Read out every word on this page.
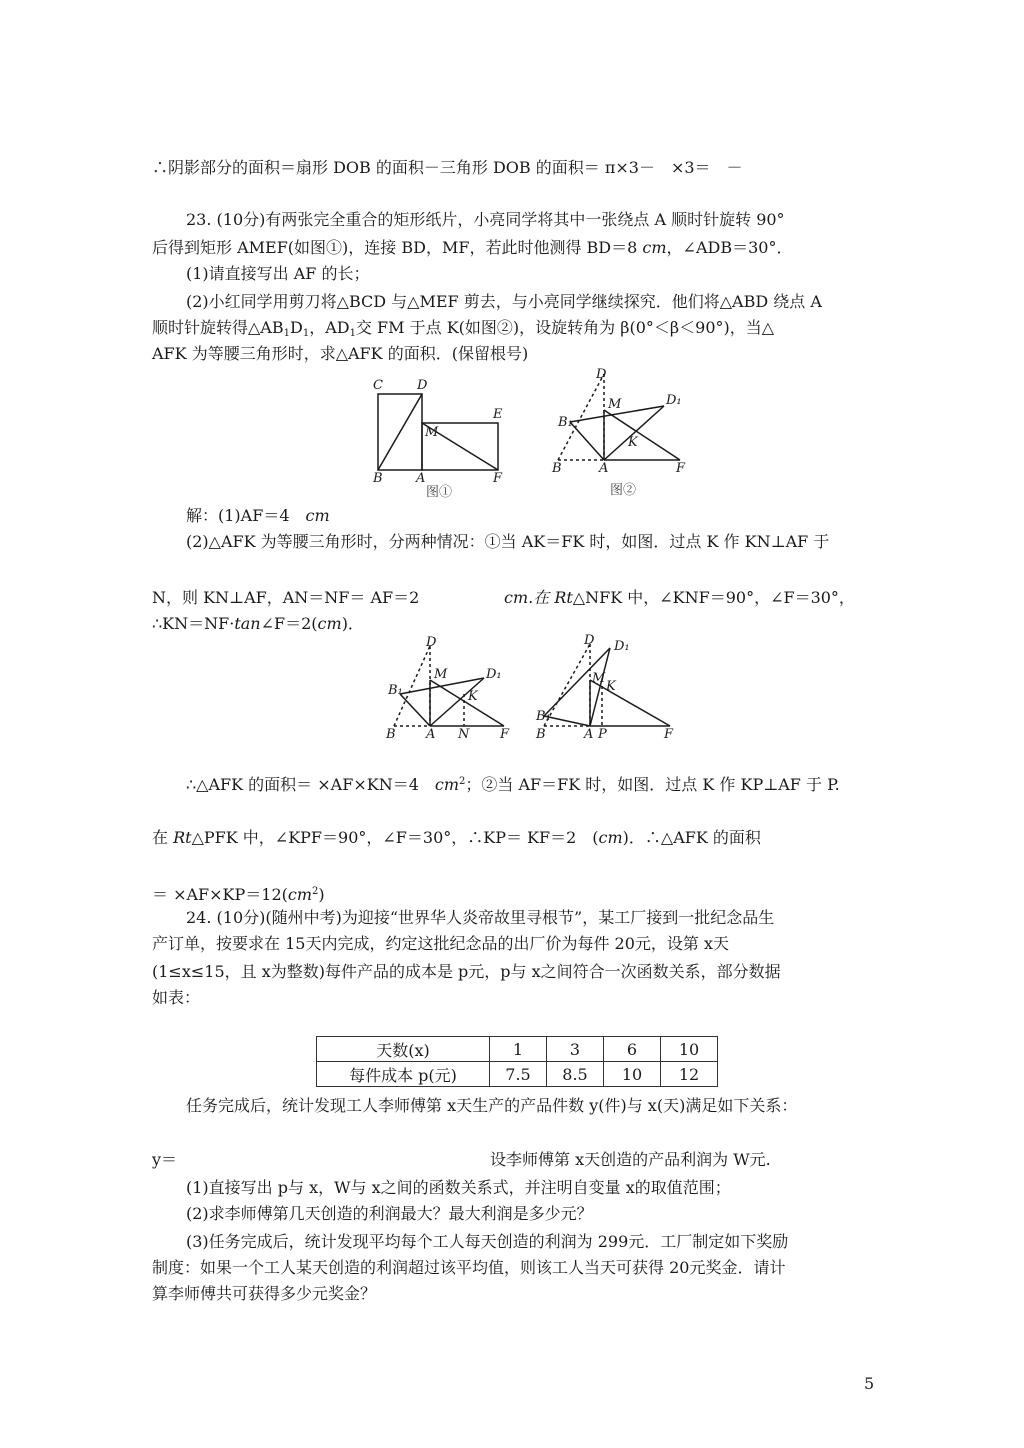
∴阴影部分的面积＝扇形 DOB 的面积－三角形 DOB 的面积＝ π×3－　×3＝　－
23. (10分)有两张完全重合的矩形纸片，小亮同学将其中一张绕点 A 顺时针旋转 90°
后得到矩形 AMEF(如图①)，连接 BD，MF，若此时他测得 BD＝8 cm，∠ADB＝30°．
(1)请直接写出 AF 的长；
(2)小红同学用剪刀将△BCD 与△MEF 剪去，与小亮同学继续探究．他们将△ABD 绕点 A
顺时针旋转得$\triangle AB_1D_1$，$AD_1$交 FM 于点 K(如图②)，设旋转角为 β(0°＜β＜90°)，当△
AFK 为等腰三角形时，求△AFK 的面积．(保留根号)
C	D
M
E
B	A	F
图①
D
M	D₁
B₁
K
B	A	F
图②
解：(1)AF＝4　cm
(2)△AFK 为等腰三角形时，分两种情况：①当 AK＝FK 时，如图．过点 K 作 KN⊥AF 于
N，则 KN⊥AF，AN＝NF＝ AF＝2	cm.在 Rt△NFK 中，∠KNF＝90°，∠F＝30°，
∴KN＝NF·tan∠F＝2(cm)．
D
M	D₁
B₁	K
B A N F
D D₁
M
K
B₁
B	A P	F
∴△AFK 的面积＝ ×AF×KN＝4　$cm^2$；②当 AF＝FK 时，如图．过点 K 作 KP⊥AF 于 P.
在 Rt△PFK 中，∠KPF＝90°，∠F＝30°，∴KP＝ KF＝2　(cm)．∴△AFK 的面积
＝ $\times AF\times KP=12(cm^2)$
24. (10分)(随州中考)为迎接“世界华人炎帝故里寻根节”，某工厂接到一批纪念品生
产订单，按要求在 15天内完成，约定这批纪念品的出厂价为每件 20元，设第 x天
(1≤x≤15，且 x为整数)每件产品的成本是 p元，p与 x之间符合一次函数关系，部分数据
如表：
天数(x)	1	3	6	10
每件成本 p(元)	7.5	8.5	10	12
任务完成后，统计发现工人李师傅第 x天生产的产品件数 y(件)与 x(天)满足如下关系：
y＝	设李师傅第 x天创造的产品利润为 W元.
(1)直接写出 p与 x，W与 x之间的函数关系式，并注明自变量 x的取值范围；
(2)求李师傅第几天创造的利润最大？最大利润是多少元？
(3)任务完成后，统计发现平均每个工人每天创造的利润为 299元．工厂制定如下奖励
制度：如果一个工人某天创造的利润超过该平均值，则该工人当天可获得 20元奖金．请计
算李师傅共可获得多少元奖金？
5
